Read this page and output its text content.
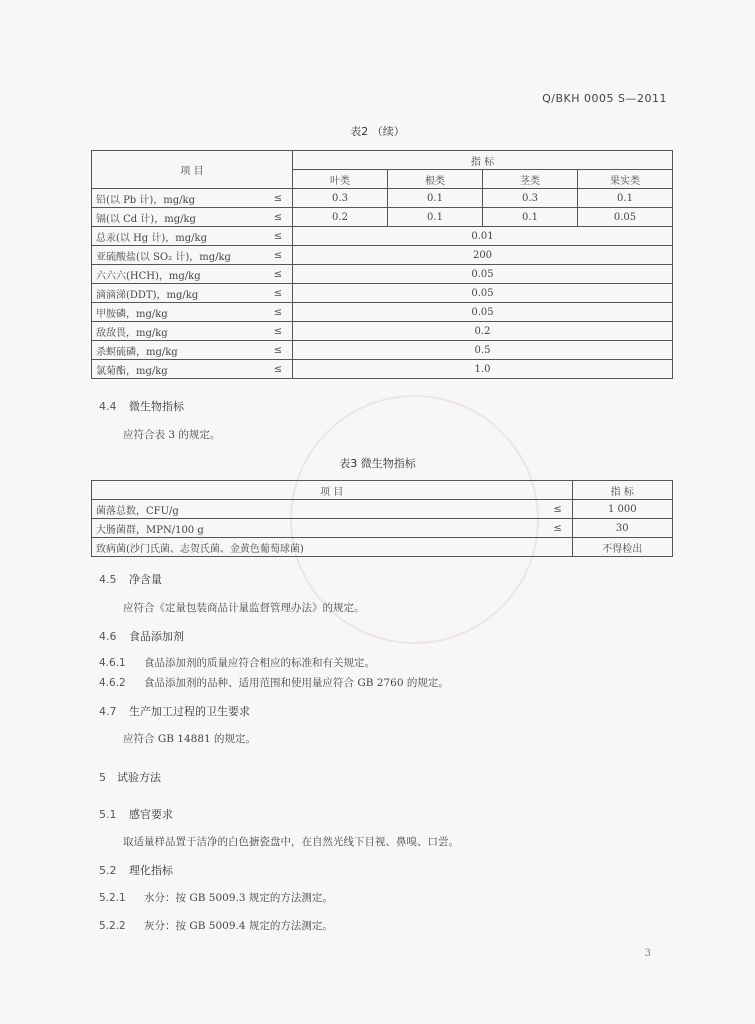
Q/BKH 0005 S—2011
表2 （续）
项 目		指 标			
		叶类	根类	茎类	果实类
铅(以 Pb 计)，mg/kg	≤	0.3	0.1	0.3	0.1
镉(以 Cd 计)，mg/kg	≤	0.2	0.1	0.1	0.05
总汞(以 Hg 计)，mg/kg	≤	0.01			
亚硫酸盐(以 SO₂ 计)，mg/kg	≤	200			
六六六(HCH)，mg/kg	≤	0.05			
滴滴涕(DDT)，mg/kg	≤	0.05			
甲胺磷，mg/kg	≤	0.05			
敌敌畏，mg/kg	≤	0.2			
杀螟硫磷，mg/kg	≤	0.5			
氯菊酯，mg/kg	≤	1.0			
4.4 微生物指标
应符合表 3 的规定。
表3 微生物指标
项 目		指 标
菌落总数，CFU/g	≤	1 000
大肠菌群，MPN/100 g	≤	30
致病菌(沙门氏菌、志贺氏菌、金黄色葡萄球菌)		不得检出
4.5 净含量
应符合《定量包装商品计量监督管理办法》的规定。
4.6 食品添加剂
4.6.1 食品添加剂的质量应符合相应的标准和有关规定。
4.6.2 食品添加剂的品种、适用范围和使用量应符合 GB 2760 的规定。
4.7 生产加工过程的卫生要求
应符合 GB 14881 的规定。
5 试验方法
5.1 感官要求
取适量样品置于洁净的白色搪瓷盘中，在自然光线下目视、鼻嗅、口尝。
5.2 理化指标
5.2.1 水分：按 GB 5009.3 规定的方法测定。
5.2.2 灰分：按 GB 5009.4 规定的方法测定。
3
